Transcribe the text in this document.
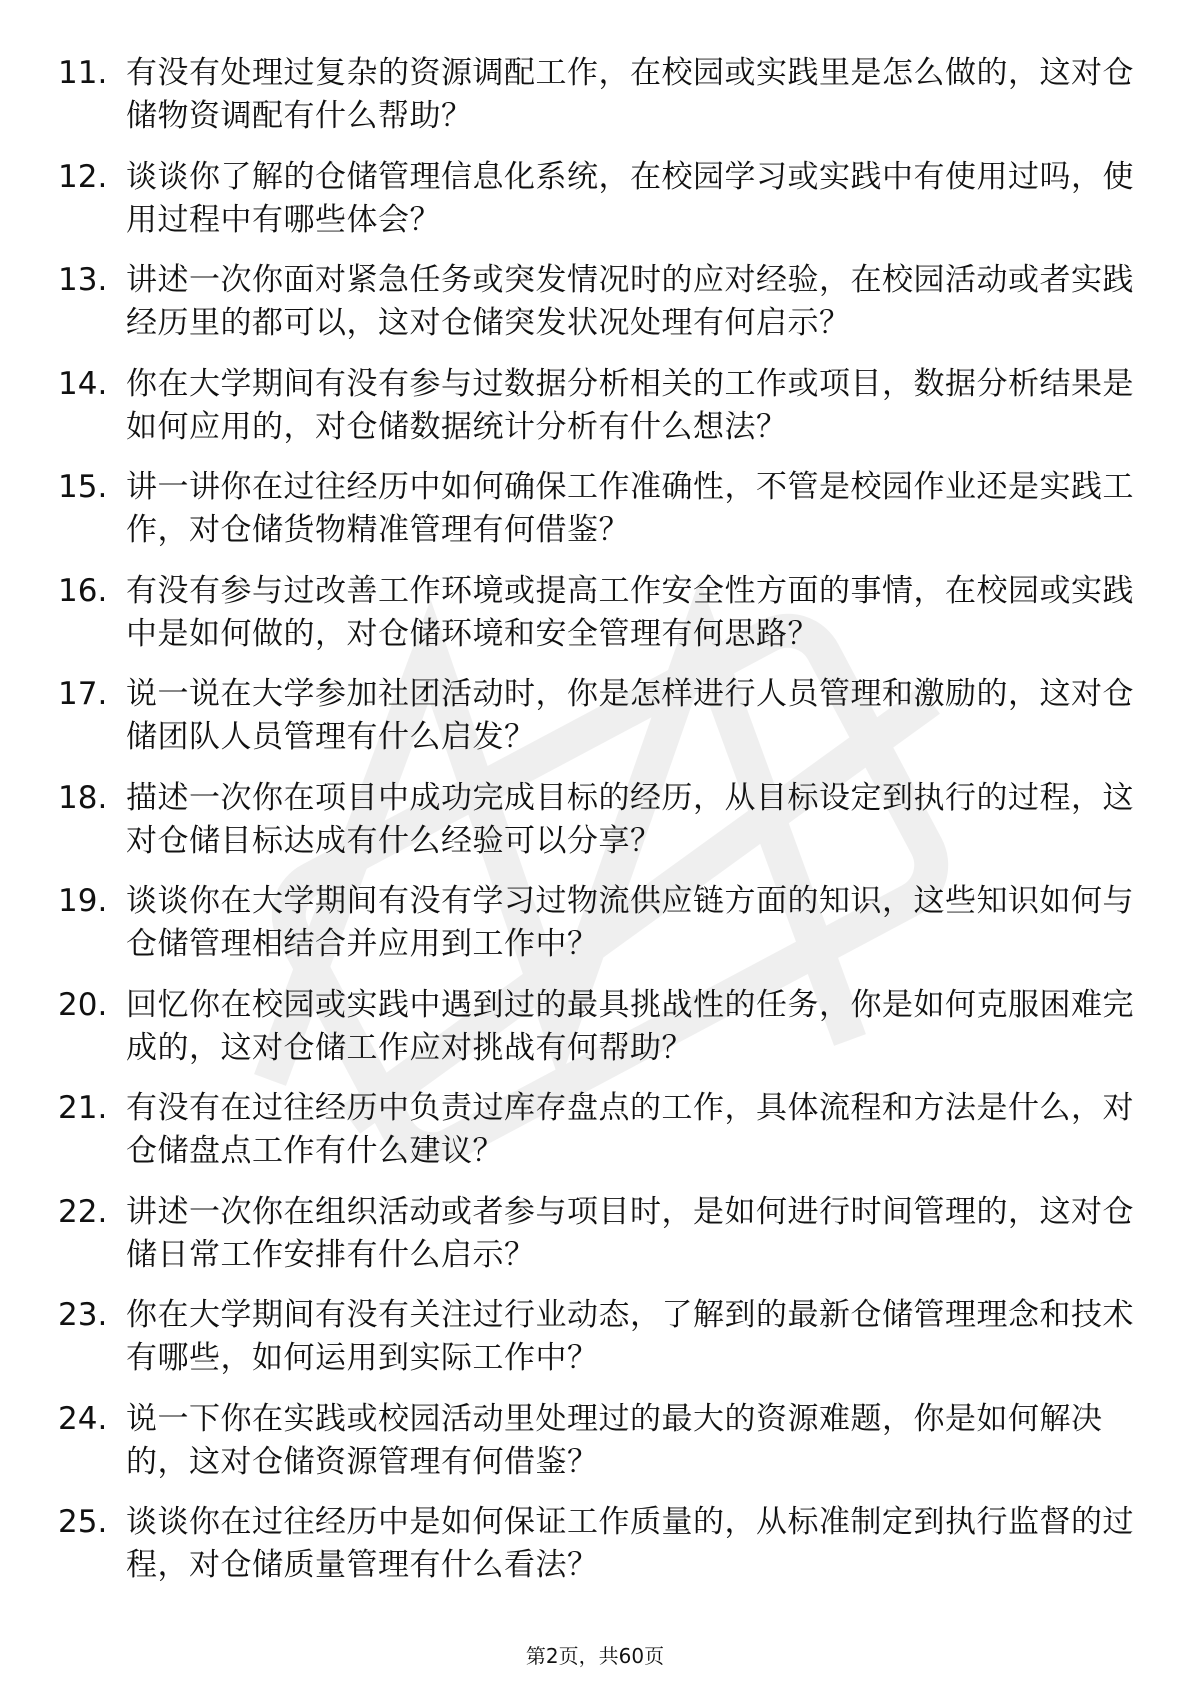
11. 有没有处理过复杂的资源调配工作，在校园或实践里是怎么做的，这对仓储物资调配有什么帮助？
12. 谈谈你了解的仓储管理信息化系统，在校园学习或实践中有使用过吗，使用过程中有哪些体会？
13. 讲述一次你面对紧急任务或突发情况时的应对经验，在校园活动或者实践经历里的都可以，这对仓储突发状况处理有何启示？
14. 你在大学期间有没有参与过数据分析相关的工作或项目，数据分析结果是如何应用的，对仓储数据统计分析有什么想法？
15. 讲一讲你在过往经历中如何确保工作准确性，不管是校园作业还是实践工作，对仓储货物精准管理有何借鉴？
16. 有没有参与过改善工作环境或提高工作安全性方面的事情，在校园或实践中是如何做的，对仓储环境和安全管理有何思路？
17. 说一说在大学参加社团活动时，你是怎样进行人员管理和激励的，这对仓储团队人员管理有什么启发？
18. 描述一次你在项目中成功完成目标的经历，从目标设定到执行的过程，这对仓储目标达成有什么经验可以分享？
19. 谈谈你在大学期间有没有学习过物流供应链方面的知识，这些知识如何与仓储管理相结合并应用到工作中？
20. 回忆你在校园或实践中遇到过的最具挑战性的任务，你是如何克服困难完成的，这对仓储工作应对挑战有何帮助？
21. 有没有在过往经历中负责过库存盘点的工作，具体流程和方法是什么，对仓储盘点工作有什么建议？
22. 讲述一次你在组织活动或者参与项目时，是如何进行时间管理的，这对仓储日常工作安排有什么启示？
23. 你在大学期间有没有关注过行业动态，了解到的最新仓储管理理念和技术有哪些，如何运用到实际工作中？
24. 说一下你在实践或校园活动里处理过的最大的资源难题，你是如何解决的，这对仓储资源管理有何借鉴？
25. 谈谈你在过往经历中是如何保证工作质量的，从标准制定到执行监督的过程，对仓储质量管理有什么看法？
第2页，共60页
